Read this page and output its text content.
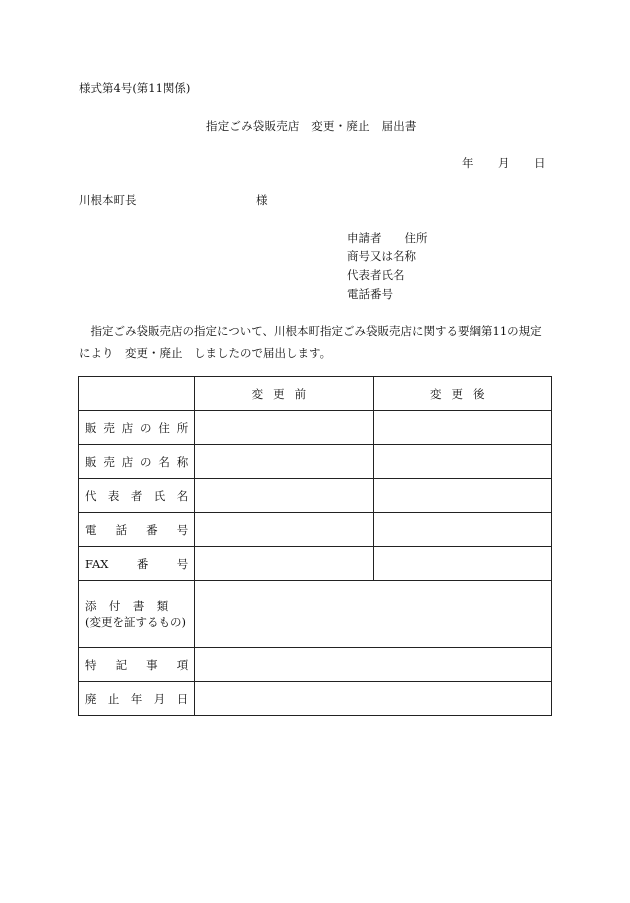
様式第4号(第11関係)
指定ごみ袋販売店　変更・廃止　届出書
年 月 日
川根本町長	様
申請者　　住所
商号又は名称
代表者氏名
電話番号

　指定ごみ袋販売店の指定について、川根本町指定ごみ袋販売店に関する要綱第11の規定

により　変更・廃止　しましたので届出します。

	変更前	変更後
販売店の住所		
販売店の名称		
代表者氏名		
電話番号		
FAX番号		

添付書類
(変更を証するもの)		
特記事項		
廃止年月日		
